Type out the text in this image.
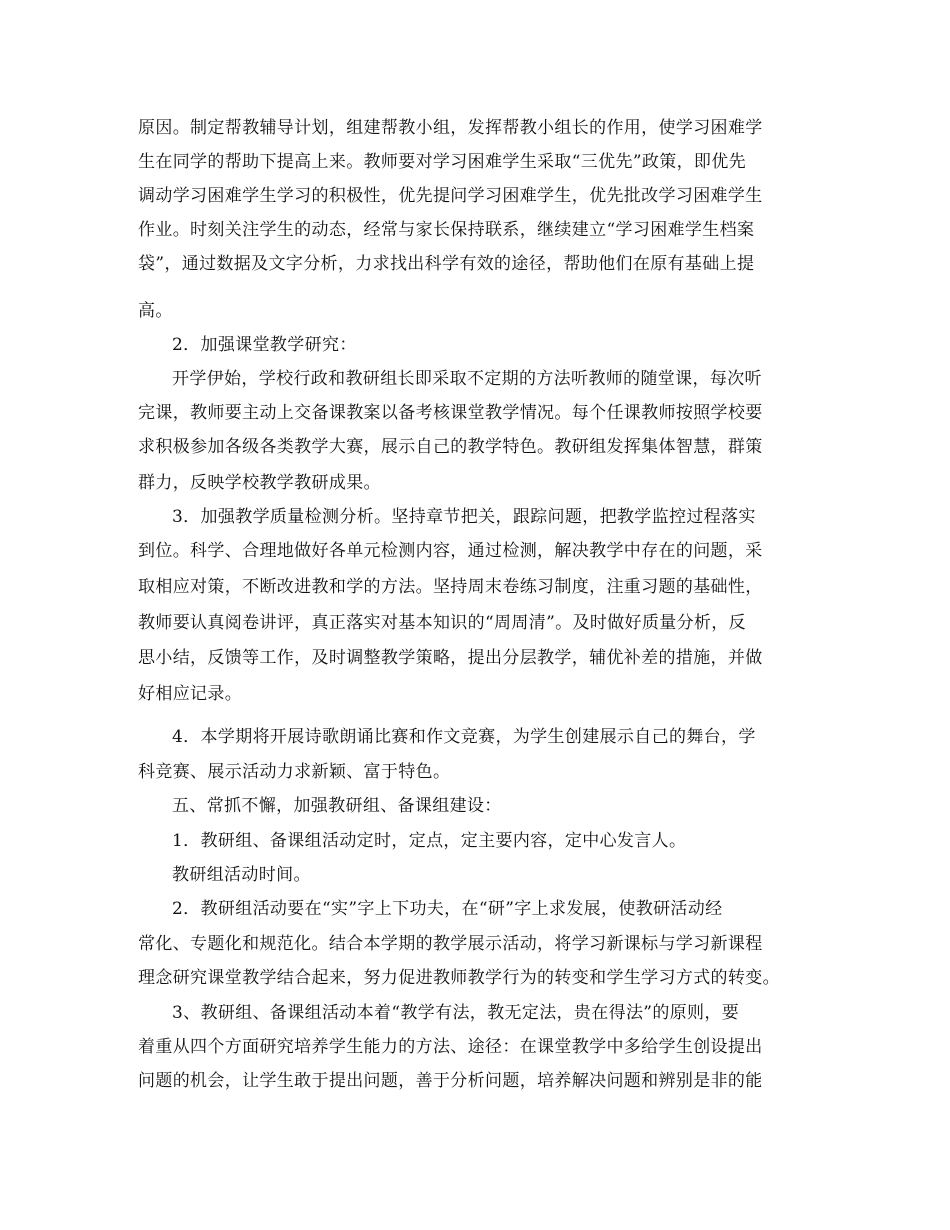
原因。制定帮教辅导计划，组建帮教小组，发挥帮教小组长的作用，使学习困难学
生在同学的帮助下提高上来。教师要对学习困难学生采取“三优先”政策，即优先
调动学习困难学生学习的积极性，优先提问学习困难学生，优先批改学习困难学生
作业。时刻关注学生的动态，经常与家长保持联系，继续建立“学习困难学生档案
袋”，通过数据及文字分析，力求找出科学有效的途径，帮助他们在原有基础上提
高。
2．加强课堂教学研究：
开学伊始，学校行政和教研组长即采取不定期的方法听教师的随堂课，每次听
完课，教师要主动上交备课教案以备考核课堂教学情况。每个任课教师按照学校要
求积极参加各级各类教学大赛，展示自己的教学特色。教研组发挥集体智慧，群策
群力，反映学校教学教研成果。
3．加强教学质量检测分析。坚持章节把关，跟踪问题，把教学监控过程落实
到位。科学、合理地做好各单元检测内容，通过检测，解决教学中存在的问题，采
取相应对策，不断改进教和学的方法。坚持周末卷练习制度，注重习题的基础性，
教师要认真阅卷讲评，真正落实对基本知识的“周周清”。及时做好质量分析，反
思小结，反馈等工作，及时调整教学策略，提出分层教学，辅优补差的措施，并做
好相应记录。
4．本学期将开展诗歌朗诵比赛和作文竞赛，为学生创建展示自己的舞台，学
科竞赛、展示活动力求新颖、富于特色。
五、常抓不懈，加强教研组、备课组建设：
1．教研组、备课组活动定时，定点，定主要内容，定中心发言人。
教研组活动时间。
2．教研组活动要在“实”字上下功夫，在“研”字上求发展，使教研活动经
常化、专题化和规范化。结合本学期的教学展示活动，将学习新课标与学习新课程
理念研究课堂教学结合起来，努力促进教师教学行为的转变和学生学习方式的转变。
3、教研组、备课组活动本着“教学有法，教无定法，贵在得法”的原则，要
着重从四个方面研究培养学生能力的方法、途径：在课堂教学中多给学生创设提出
问题的机会，让学生敢于提出问题，善于分析问题，培养解决问题和辨别是非的能
